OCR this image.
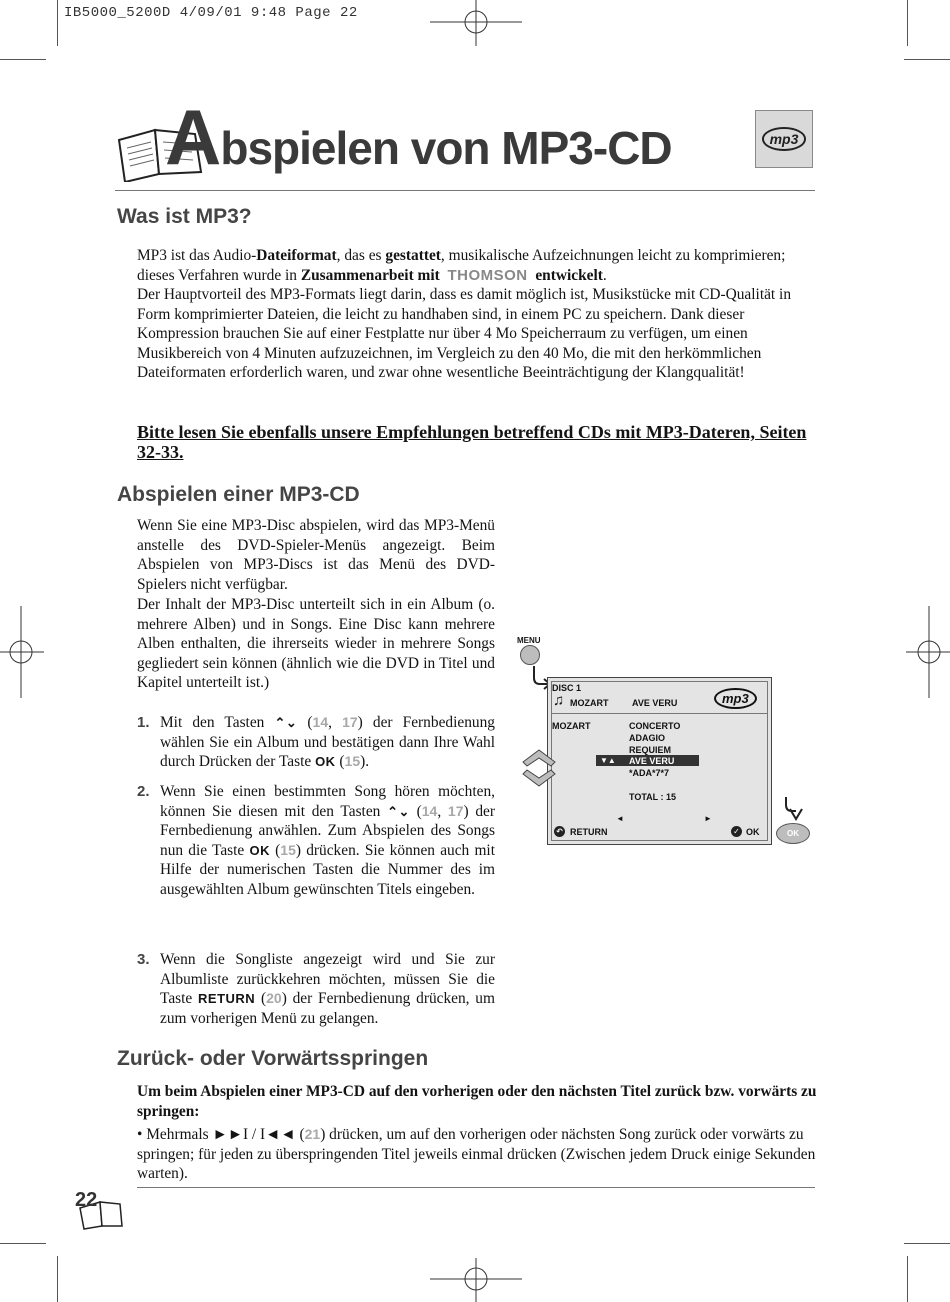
IB5000_5200D 4/09/01 9:48 Page 22
Abspielen von MP3-CD	mp3
Was ist MP3?
MP3 ist das Audio-Dateiformat, das es gestattet, musikalische Aufzeichnungen leicht zu komprimieren; dieses Verfahren wurde in Zusammenarbeit mit THOMSON entwickelt.
Der Hauptvorteil des MP3-Formats liegt darin, dass es damit möglich ist, Musikstücke mit CD-Qualität in Form komprimierter Dateien, die leicht zu handhaben sind, in einem PC zu speichern. Dank dieser Kompression brauchen Sie auf einer Festplatte nur über 4 Mo Speicherraum zu verfügen, um einen Musikbereich von 4 Minuten aufzuzeichnen, im Vergleich zu den 40 Mo, die mit den herkömmlichen Dateiformaten erforderlich waren, und zwar ohne wesentliche Beeinträchtigung der Klangqualität!
Bitte lesen Sie ebenfalls unsere Empfehlungen betreffend CDs mit MP3-Dateren, Seiten 32-33.
Abspielen einer MP3-CD
Wenn Sie eine MP3-Disc abspielen, wird das MP3-Menü anstelle des DVD-Spieler-Menüs angezeigt. Beim Abspielen von MP3-Discs ist das Menü des DVD-Spielers nicht verfügbar.
Der Inhalt der MP3-Disc unterteilt sich in ein Album (o. mehrere Alben) und in Songs. Eine Disc kann mehrere Alben enthalten, die ihrerseits wieder in mehrere Songs gegliedert sein können (ähnlich wie die DVD in Titel und Kapitel unterteilt ist.)
1. Mit den Tasten ⌃⌄ (14, 17) der Fernbedienung wählen Sie ein Album und bestätigen dann Ihre Wahl durch Drücken der Taste OK (15).
2. Wenn Sie einen bestimmten Song hören möchten, können Sie diesen mit den Tasten ⌃⌄ (14, 17) der Fernbedienung anwählen. Zum Abspielen des Songs nun die Taste OK (15) drücken. Sie können auch mit Hilfe der numerischen Tasten die Nummer des im ausgewählten Album gewünschten Titels eingeben.
3. Wenn die Songliste angezeigt wird und Sie zur Albumliste zurückkehren möchten, müssen Sie die Taste RETURN (20) der Fernbedienung drücken, um zum vorherigen Menü zu gelangen.
MENU
DISC 1
♫ MOZART	AVE VERU	mp3
MOZART	CONCERTO
ADAGIO
REQUIEM
▼▲ AVE VERU
*ADA*7*7
TOTAL : 15
◄	►
↶ RETURN	✓ OK	OK
Zurück- oder Vorwärtsspringen
Um beim Abspielen einer MP3-CD auf den vorherigen oder den nächsten Titel zurück bzw. vorwärts zu springen:
• Mehrmals ►►I / I◄◄ (21) drücken, um auf den vorherigen oder nächsten Song zurück oder vorwärts zu springen; für jeden zu überspringenden Titel jeweils einmal drücken (Zwischen jedem Druck einige Sekunden warten).
22
